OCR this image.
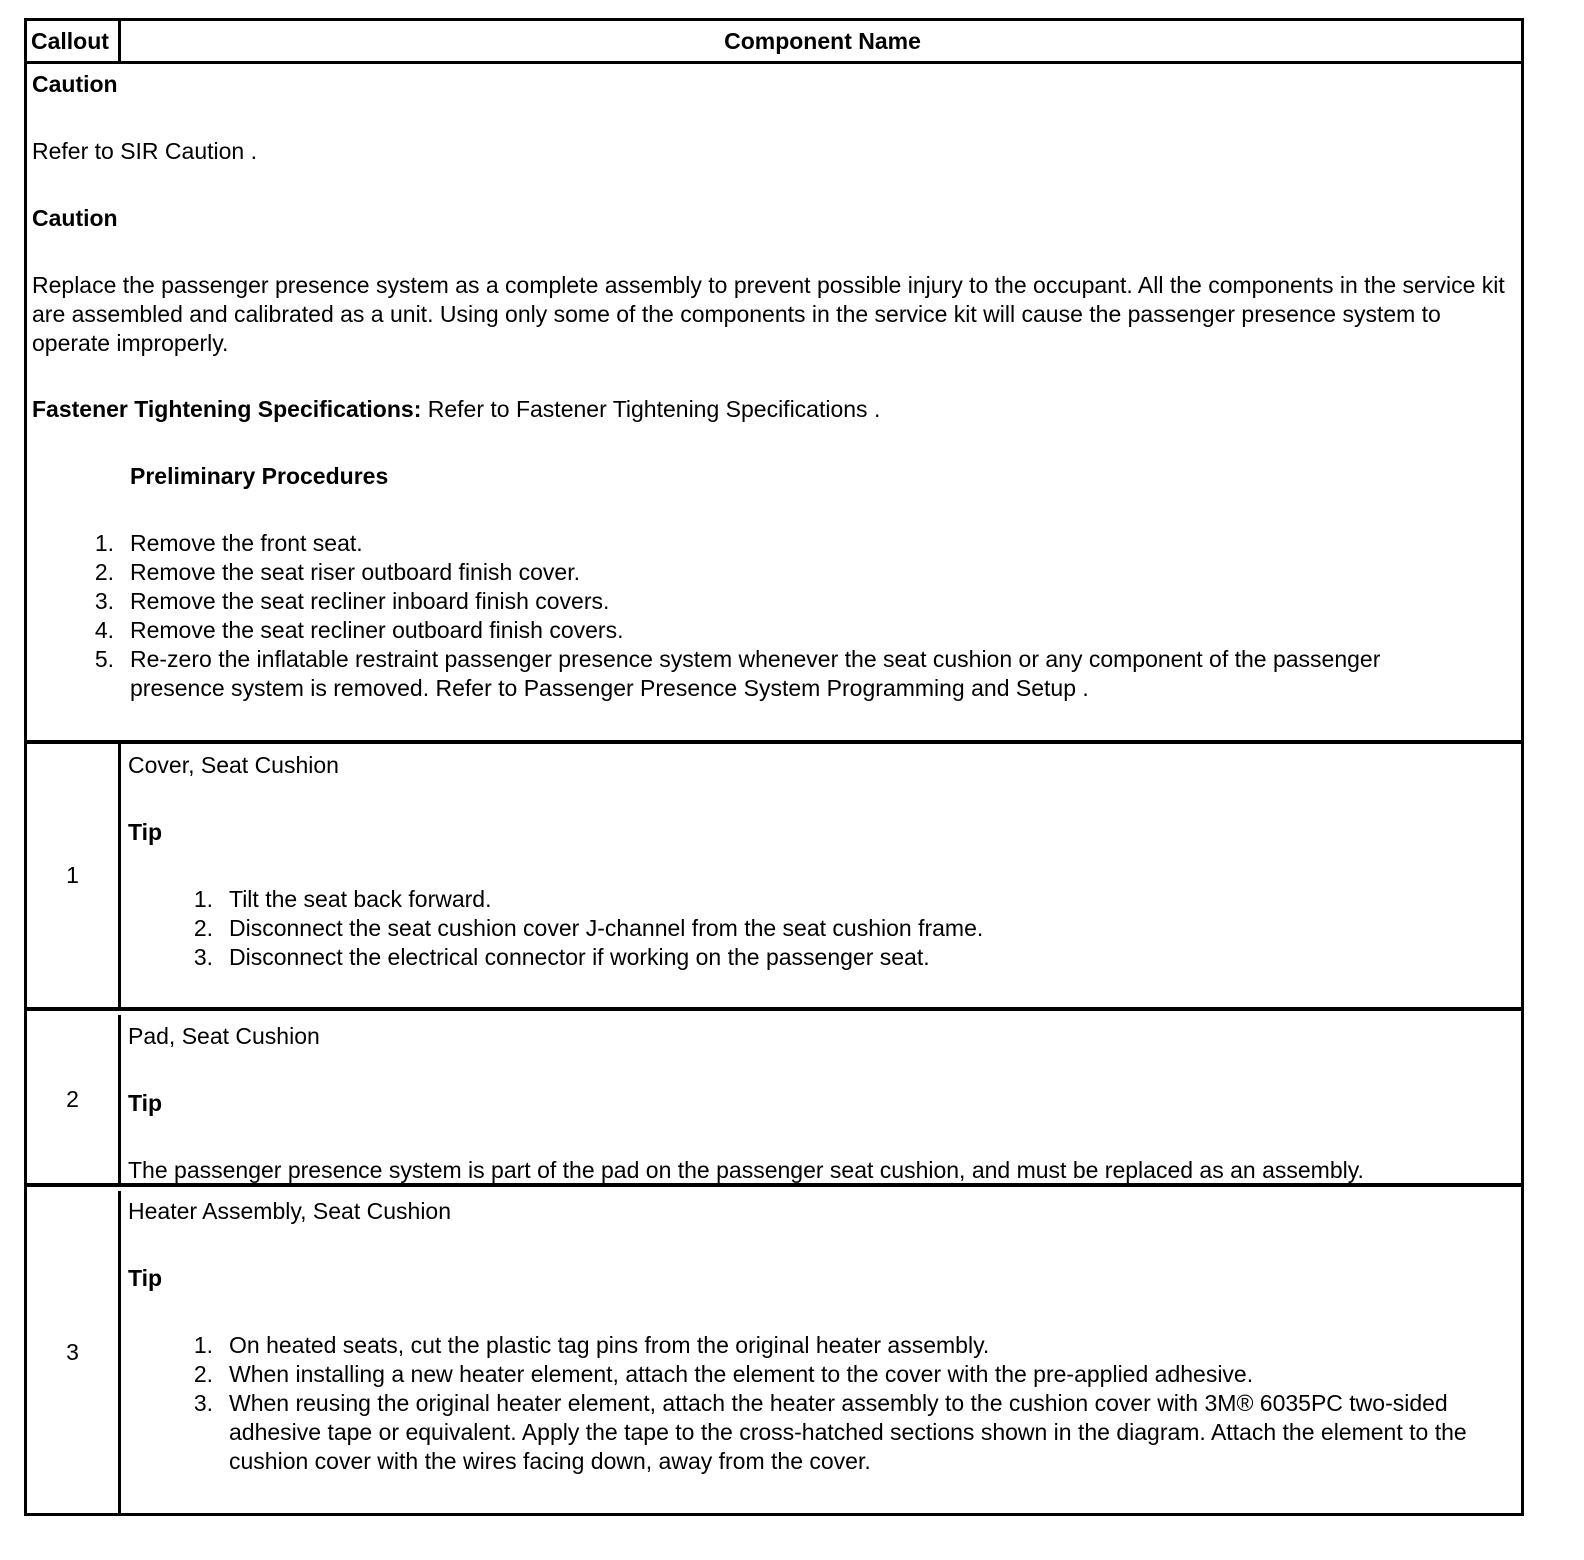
Callout	Component Name

Caution

Refer to SIR Caution .

Caution

Replace the passenger presence system as a complete assembly to prevent possible injury to the occupant. All the components in the service kit are assembled and calibrated as a unit. Using only some of the components in the service kit will cause the passenger presence system to operate improperly.

Fastener Tightening Specifications: Refer to Fastener Tightening Specifications .

Preliminary Procedures

1. Remove the front seat.
2. Remove the seat riser outboard finish cover.
3. Remove the seat recliner inboard finish covers.
4. Remove the seat recliner outboard finish covers.
5. Re-zero the inflatable restraint passenger presence system whenever the seat cushion or any component of the passenger presence system is removed. Refer to Passenger Presence System Programming and Setup .
1

Cover, Seat Cushion

Tip

1. Tilt the seat back forward.
2. Disconnect the seat cushion cover J-channel from the seat cushion frame.
3. Disconnect the electrical connector if working on the passenger seat.
2

Pad, Seat Cushion

Tip

The passenger presence system is part of the pad on the passenger seat cushion, and must be replaced as an assembly.

3

Heater Assembly, Seat Cushion

Tip

1. On heated seats, cut the plastic tag pins from the original heater assembly.
2. When installing a new heater element, attach the element to the cover with the pre-applied adhesive.
3. When reusing the original heater element, attach the heater assembly to the cushion cover with 3M® 6035PC two-sided adhesive tape or equivalent. Apply the tape to the cross-hatched sections shown in the diagram. Attach the element to the cushion cover with the wires facing down, away from the cover.
